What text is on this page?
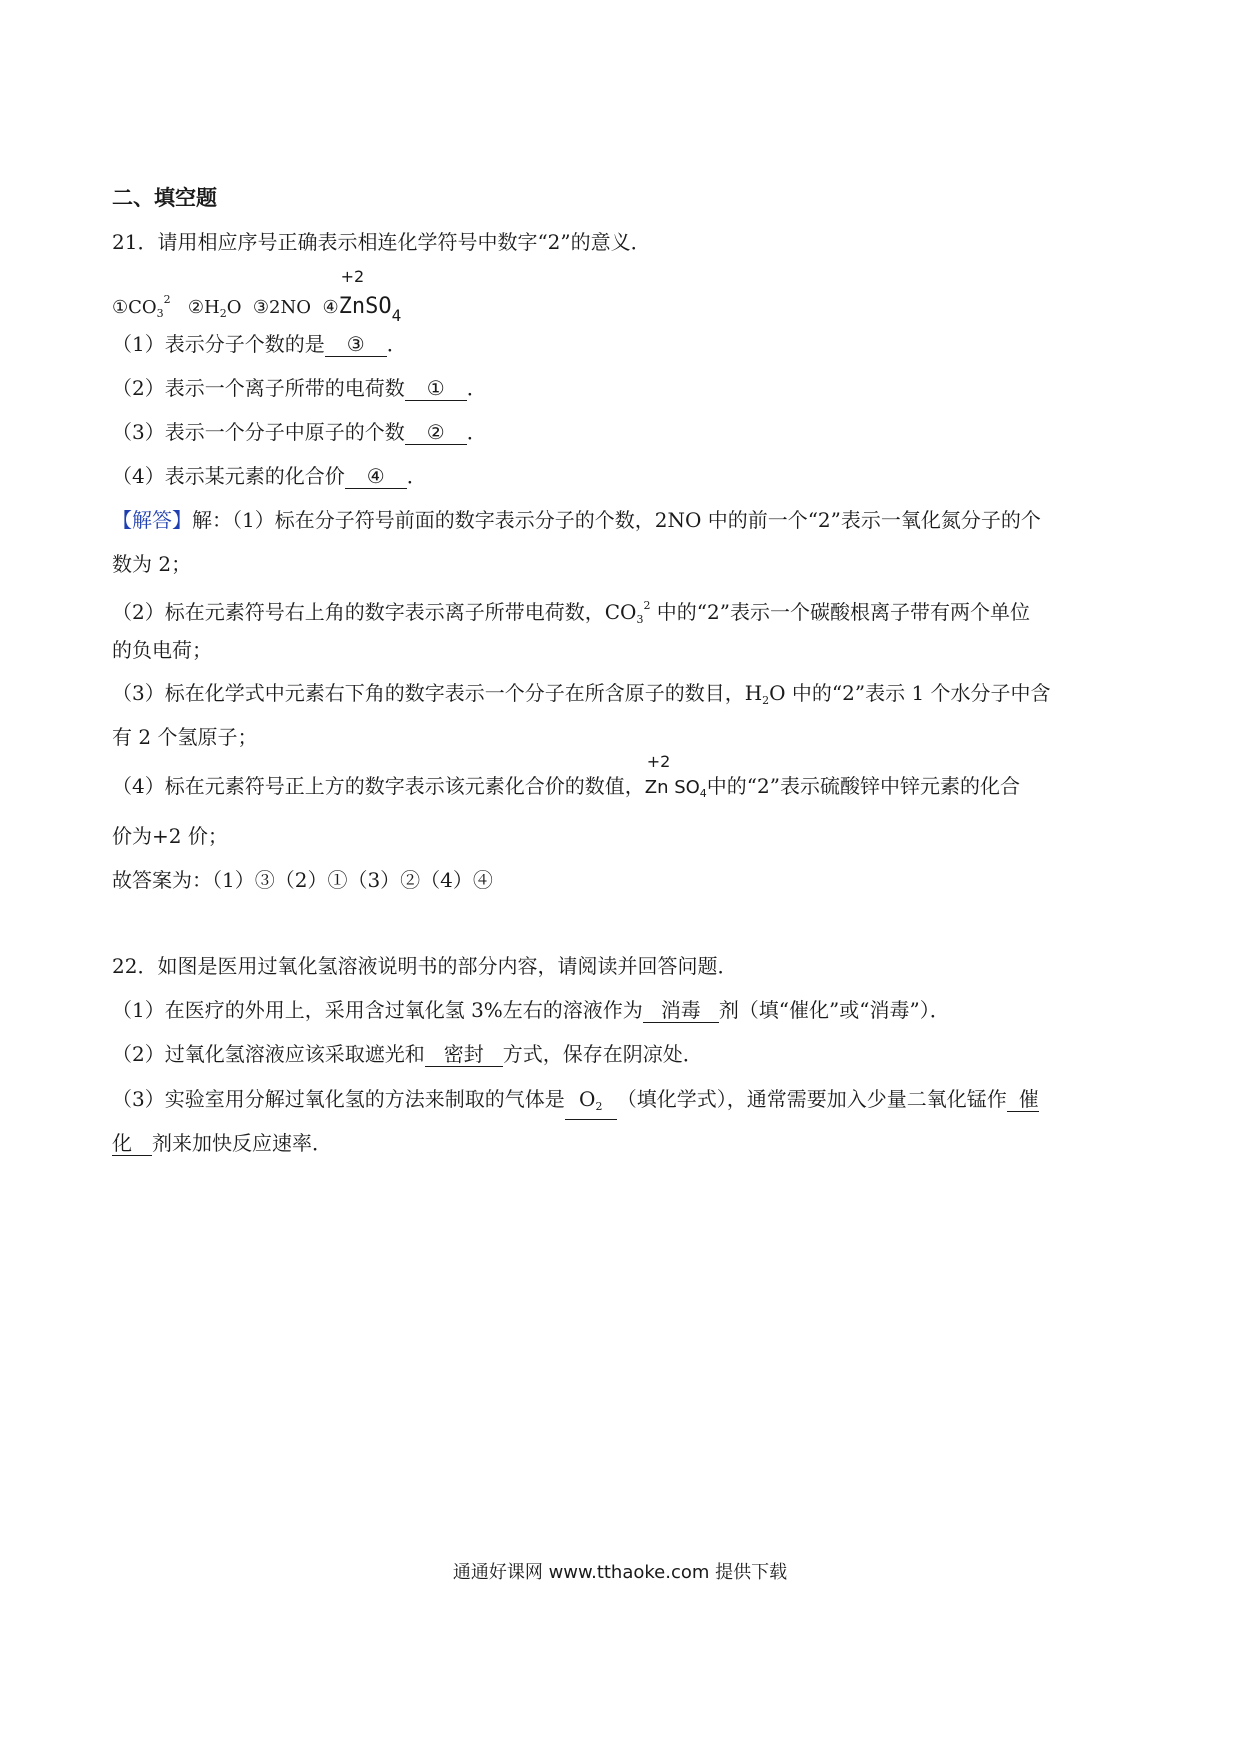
二、填空题
21．请用相应序号正确表示相连化学符号中数字“2”的意义．
$①CO_3^2$ $②H_2O$ ③2NO ④
+2
ZnSO$_4$
（1）表示分子个数的是 ③ ．
（2）表示一个离子所带的电荷数 ① ．
（3）表示一个分子中原子的个数 ② ．
（4）表示某元素的化合价 ④ ．
【解答】解：（1）标在分子符号前面的数字表示分子的个数，2NO 中的前一个“2”表示一氧化氮分子的个
数为 2；
（2）标在元素符号右上角的数字表示离子所带电荷数，$CO_3^2$ 中的“2”表示一个碳酸根离子带有两个单位
的负电荷；
（3）标在化学式中元素右下角的数字表示一个分子在所含原子的数目，$H_2O$ 中的“2”表示 1 个水分子中含
有 2 个氢原子；
（4）标在元素符号正上方的数字表示该元素化合价的数值，
+2
Zn $SO_4$中的“2”表示硫酸锌中锌元素的化合
价为+2 价；
故答案为：（1）③（2）①（3）②（4）④
22．如图是医用过氧化氢溶液说明书的部分内容，请阅读并回答问题．
（1）在医疗的外用上，采用含过氧化氢 3%左右的溶液作为 消毒 剂（填“催化”或“消毒”）．
（2）过氧化氢溶液应该采取遮光和 密封 方式，保存在阴凉处．
（3）实验室用分解过氧化氢的方法来制取的气体是 $O_2$ （填化学式），通常需要加入少量二氧化锰作 催
化 剂来加快反应速率．
通通好课网 www.tthaoke.com 提供下载
